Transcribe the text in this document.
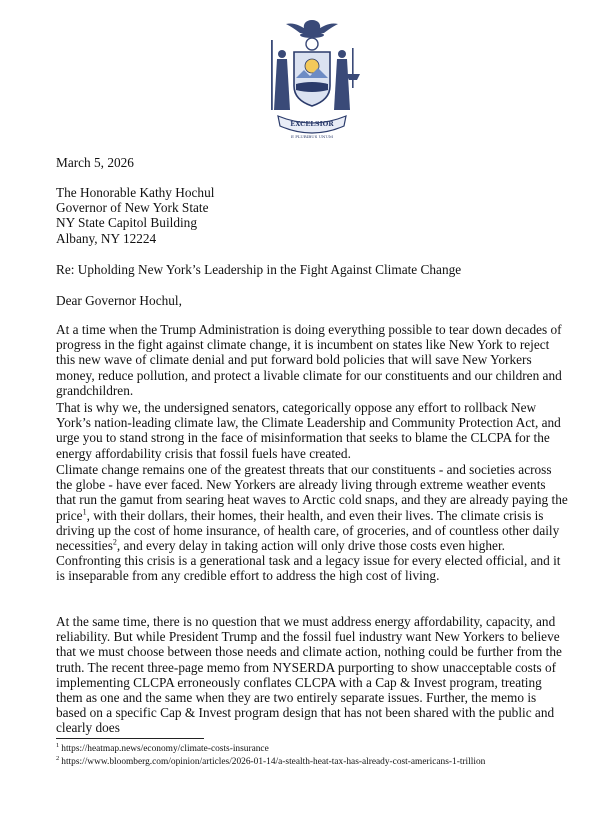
EXCELSIOR
E PLURIBUS UNUM

March 5, 2026

The Honorable Kathy Hochul
Governor of New York State
NY State Capitol Building
Albany, NY 12224

Re: Upholding New York’s Leadership in the Fight Against Climate Change

Dear Governor Hochul,

At a time when the Trump Administration is doing everything possible to tear down decades of progress in the fight against climate change, it is incumbent on states like New York to reject this new wave of climate denial and put forward bold policies that will save New Yorkers money, reduce pollution, and protect a livable climate for our constituents and our children and grandchildren.

That is why we, the undersigned senators, categorically oppose any effort to rollback New York’s nation-leading climate law, the Climate Leadership and Community Protection Act, and urge you to stand strong in the face of misinformation that seeks to blame the CLCPA for the energy affordability crisis that fossil fuels have created.

Climate change remains one of the greatest threats that our constituents - and societies across the globe - have ever faced. New Yorkers are already living through extreme weather events that run the gamut from searing heat waves to Arctic cold snaps, and they are already paying the price$^1$, with their dollars, their homes, their health, and even their lives. The climate crisis is driving up the cost of home insurance, of health care, of groceries, and of countless other daily necessities$^2$, and every delay in taking action will only drive those costs even higher. Confronting this crisis is a generational task and a legacy issue for every elected official, and it is inseparable from any credible effort to address the high cost of living.

At the same time, there is no question that we must address energy affordability, capacity, and reliability. But while President Trump and the fossil fuel industry want New Yorkers to believe that we must choose between those needs and climate action, nothing could be further from the truth. The recent three-page memo from NYSERDA purporting to show unacceptable costs of implementing CLCPA erroneously conflates CLCPA with a Cap & Invest program, treating them as one and the same when they are two entirely separate issues. Further, the memo is based on a specific Cap & Invest program design that has not been shared with the public and clearly does

$^1$ https://heatmap.news/economy/climate-costs-insurance
$^2$ https://www.bloomberg.com/opinion/articles/2026-01-14/a-stealth-heat-tax-has-already-cost-americans-1-trillion
